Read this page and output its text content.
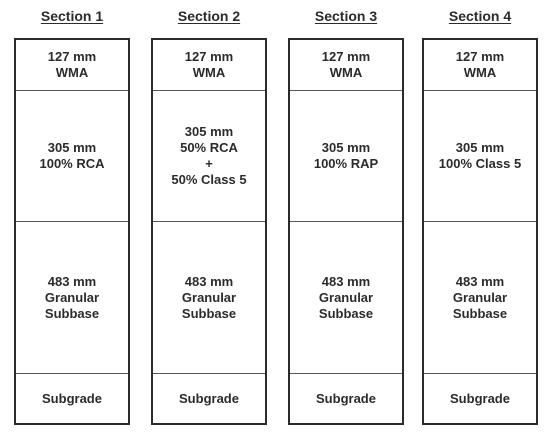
Section 1
127 mm
WMA
305 mm
100% RCA
483 mm
Granular
Subbase
Subgrade
Section 2
127 mm
WMA
305 mm
50% RCA
+
50% Class 5
483 mm
Granular
Subbase
Subgrade
Section 3
127 mm
WMA
305 mm
100% RAP
483 mm
Granular
Subbase
Subgrade
Section 4
127 mm
WMA
305 mm
100% Class 5
483 mm
Granular
Subbase
Subgrade
